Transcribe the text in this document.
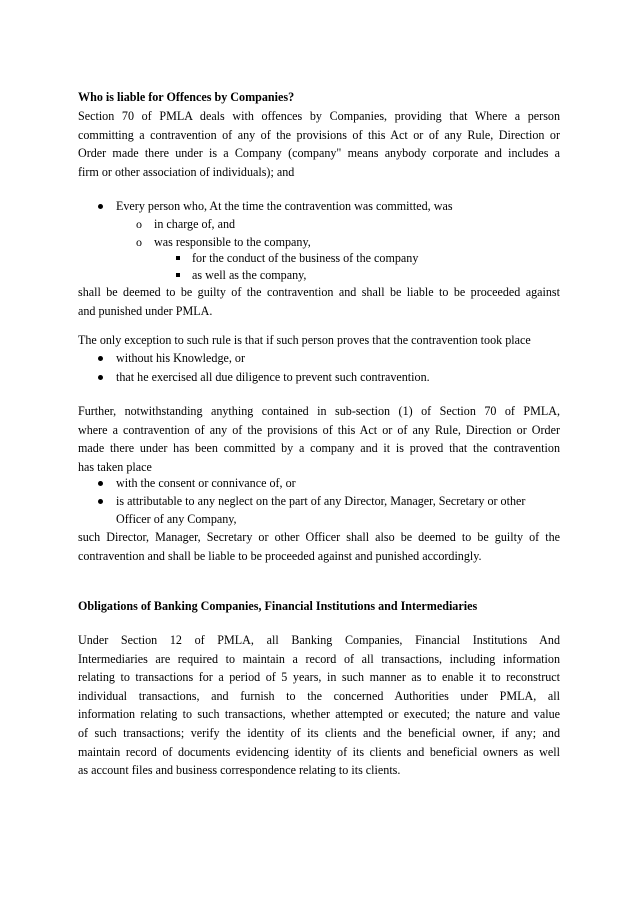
Who is liable for Offences by Companies?
Section 70 of PMLA deals with offences by Companies, providing that Where a person
committing a contravention of any of the provisions of this Act or of any Rule, Direction or
Order made there under is a Company (company" means anybody corporate and includes a
firm or other association of individuals); and
Every person who, At the time the contravention was committed, was
o in charge of, and
o was responsible to the company,
for the conduct of the business of the company
as well as the company,
shall be deemed to be guilty of the contravention and shall be liable to be proceeded against
and punished under PMLA.
The only exception to such rule is that if such person proves that the contravention took place
without his Knowledge, or
that he exercised all due diligence to prevent such contravention.
Further, notwithstanding anything contained in sub-section (1) of Section 70 of PMLA,
where a contravention of any of the provisions of this Act or of any Rule, Direction or Order
made there under has been committed by a company and it is proved that the contravention
has taken place
with the consent or connivance of, or
is attributable to any neglect on the part of any Director, Manager, Secretary or other
Officer of any Company,
such Director, Manager, Secretary or other Officer shall also be deemed to be guilty of the
contravention and shall be liable to be proceeded against and punished accordingly.
Obligations of Banking Companies, Financial Institutions and Intermediaries
Under Section 12 of PMLA, all Banking Companies, Financial Institutions And
Intermediaries are required to maintain a record of all transactions, including information
relating to transactions for a period of 5 years, in such manner as to enable it to reconstruct
individual transactions, and furnish to the concerned Authorities under PMLA, all
information relating to such transactions, whether attempted or executed; the nature and value
of such transactions; verify the identity of its clients and the beneficial owner, if any; and
maintain record of documents evidencing identity of its clients and beneficial owners as well
as account files and business correspondence relating to its clients.
